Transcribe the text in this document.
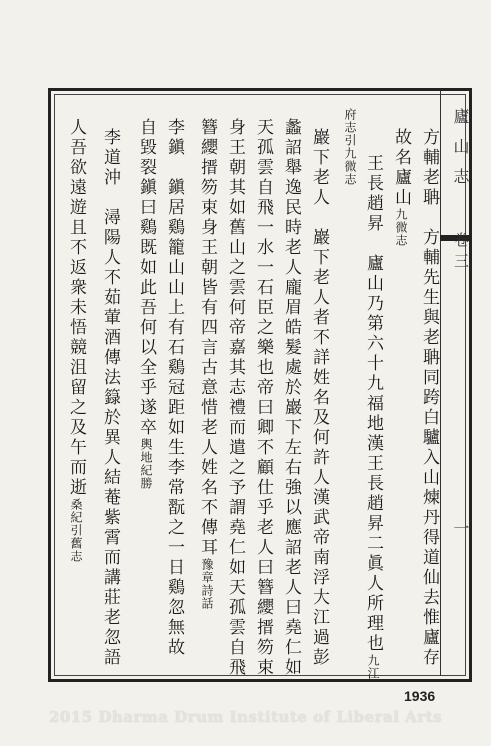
廬山志
卷三
一
方輔老聃　方輔先生與老聃同跨白驢入山煉丹得道仙去惟廬存
故名廬山九微志
王長趙昇　廬山乃第六十九福地漢王長趙昇二眞人所理也九江
府志引九微志
巖下老人　巖下老人者不詳姓名及何許人漢武帝南浮大江過彭
蠡詔舉逸民時老人龐眉皓髮處於巖下左右強以應詔老人曰堯仁如
天孤雲自飛一水一石臣之樂也帝曰卿不顧仕乎老人曰簪纓搢笏束
身王朝其如舊山之雲何帝嘉其志禮而遣之予謂堯仁如天孤雲自飛
簪纓搢笏束身王朝皆有四言古意惜老人姓名不傳耳豫章詩話
李鎭　鎭居鷄籠山山上有石鷄冠距如生李常翫之一日鷄忽無故
自毀裂鎭曰鷄既如此吾何以全乎遂卒輿地紀勝
李道沖　潯陽人不茹葷酒傳法籙於異人結菴紫霄而講莊老忽語
人吾欲遠遊且不返衆未悟競沮留之及午而逝桑紀引舊志
1936
2015 Dharma Drum Institute of Liberal Arts
